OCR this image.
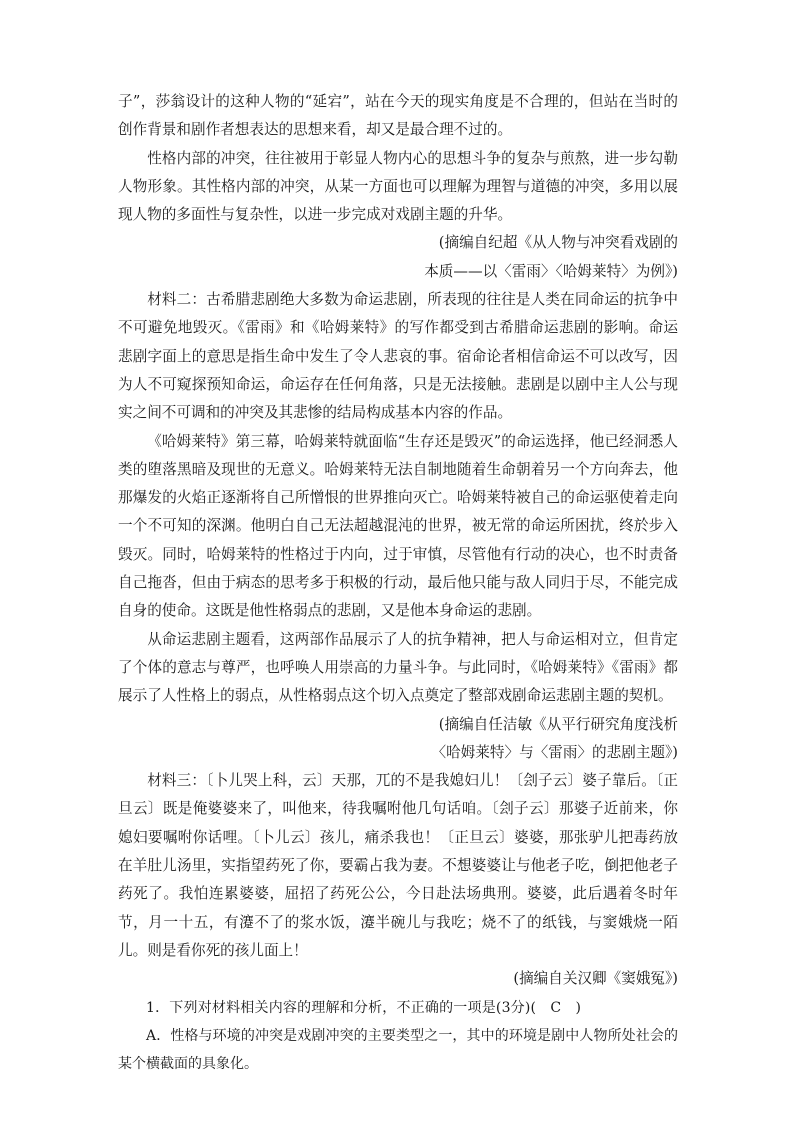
子”，莎翁设计的这种人物的“延宕”，站在今天的现实角度是不合理的，但站在当时的创作背景和剧作者想表达的思想来看，却又是最合理不过的。

性格内部的冲突，往往被用于彰显人物内心的思想斗争的复杂与煎熬，进一步勾勒人物形象。其性格内部的冲突，从某一方面也可以理解为理智与道德的冲突，多用以展现人物的多面性与复杂性，以进一步完成对戏剧主题的升华。

(摘编自纪超《从人物与冲突看戏剧的

本质——以〈雷雨〉〈哈姆莱特〉为例》)

材料二：古希腊悲剧绝大多数为命运悲剧，所表现的往往是人类在同命运的抗争中不可避免地毁灭。《雷雨》和《哈姆莱特》的写作都受到古希腊命运悲剧的影响。命运悲剧字面上的意思是指生命中发生了令人悲哀的事。宿命论者相信命运不可以改写，因为人不可窥探预知命运，命运存在任何角落，只是无法接触。悲剧是以剧中主人公与现实之间不可调和的冲突及其悲惨的结局构成基本内容的作品。

《哈姆莱特》第三幕，哈姆莱特就面临“生存还是毁灭”的命运选择，他已经洞悉人类的堕落黑暗及现世的无意义。哈姆莱特无法自制地随着生命朝着另一个方向奔去，他那爆发的火焰正逐渐将自己所憎恨的世界推向灭亡。哈姆莱特被自己的命运驱使着走向一个不可知的深渊。他明白自己无法超越混沌的世界，被无常的命运所困扰，终於步入毁灭。同时，哈姆莱特的性格过于内向，过于审慎，尽管他有行动的决心，也不时责备自己拖沓，但由于病态的思考多于积极的行动，最后他只能与敌人同归于尽，不能完成自身的使命。这既是他性格弱点的悲剧，又是他本身命运的悲剧。

从命运悲剧主题看，这两部作品展示了人的抗争精神，把人与命运相对立，但肯定了个体的意志与尊严，也呼唤人用崇高的力量斗争。与此同时，《哈姆莱特》《雷雨》都展示了人性格上的弱点，从性格弱点这个切入点奠定了整部戏剧命运悲剧主题的契机。

(摘编自任洁敏《从平行研究角度浅析

〈哈姆莱特〉与〈雷雨〉的悲剧主题》)

材料三：〔卜儿哭上科，云〕天那，兀的不是我媳妇儿！〔刽子云〕婆子靠后。〔正旦云〕既是俺婆婆来了，叫他来，待我嘱咐他几句话咱。〔刽子云〕那婆子近前来，你媳妇要嘱咐你话哩。〔卜儿云〕孩儿，痛杀我也！〔正旦云〕婆婆，那张驴儿把毒药放在羊肚儿汤里，实指望药死了你，要霸占我为妻。不想婆婆让与他老子吃，倒把他老子药死了。我怕连累婆婆，屈招了药死公公，今日赴法场典刑。婆婆，此后遇着冬时年节，月一十五，有瀽不了的浆水饭，瀽半碗儿与我吃；烧不了的纸钱，与窦娥烧一陌儿。则是看你死的孩儿面上！

(摘编自关汉卿《窦娥冤》)

1．下列对材料相关内容的理解和分析，不正确的一项是(3分)(　C　)

A．性格与环境的冲突是戏剧冲突的主要类型之一，其中的环境是剧中人物所处社会的某个横截面的具象化。
